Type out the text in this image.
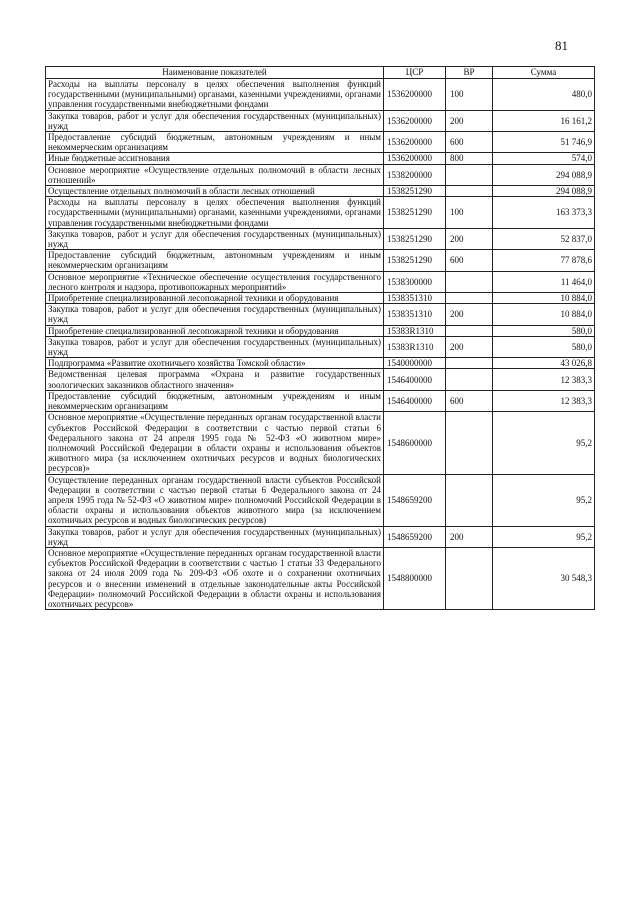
81
Наименование показателей	ЦСР	ВР	Сумма
Расходы на выплаты персоналу в целях обеспечения выполнения функций государственными (муниципальными) органами, казенными учреждениями, органами управления государственными внебюджетными фондами	1536200000	100	480,0
Закупка товаров, работ и услуг для обеспечения государственных (муниципальных) нужд	1536200000	200	16 161,2
Предоставление субсидий бюджетным, автономным учреждениям и иным некоммерческим организациям	1536200000	600	51 746,9
Иные бюджетные ассигнования	1536200000	800	574,0
Основное мероприятие «Осуществление отдельных полномочий в области лесных отношений»	1538200000		294 088,9
Осуществление отдельных полномочий в области лесных отношений	1538251290		294 088,9
Расходы на выплаты персоналу в целях обеспечения выполнения функций государственными (муниципальными) органами, казенными учреждениями, органами управления государственными внебюджетными фондами	1538251290	100	163 373,3
Закупка товаров, работ и услуг для обеспечения государственных (муниципальных) нужд	1538251290	200	52 837,0
Предоставление субсидий бюджетным, автономным учреждениям и иным некоммерческим организациям	1538251290	600	77 878,6
Основное мероприятие «Техническое обеспечение осуществления государственного лесного контроля и надзора, противопожарных мероприятий»	1538300000		11 464,0
Приобретение специализированной лесопожарной техники и оборудования	1538351310		10 884,0
Закупка товаров, работ и услуг для обеспечения государственных (муниципальных) нужд	1538351310	200	10 884,0
Приобретение специализированной лесопожарной техники и оборудования	15383R1310		580,0
Закупка товаров, работ и услуг для обеспечения государственных (муниципальных) нужд	15383R1310	200	580,0
Подпрограмма «Развитие охотничьего хозяйства Томской области»	1540000000		43 026,8
Ведомственная целевая программа «Охрана и развитие государственных зоологических заказников областного значения»	1546400000		12 383,3
Предоставление субсидий бюджетным, автономным учреждениям и иным некоммерческим организациям	1546400000	600	12 383,3
Основное мероприятие «Осуществление переданных органам государственной власти субъектов Российской Федерации в соответствии с частью первой статьи 6 Федерального закона от 24 апреля 1995 года № 52-ФЗ «О животном мире» полномочий Российской Федерации в области охраны и использования объектов животного мира (за исключением охотничьих ресурсов и водных биологических ресурсов)»	1548600000		95,2
Осуществление переданных органам государственной власти субъектов Российской Федерации в соответствии с частью первой статьи 6 Федерального закона от 24 апреля 1995 года № 52-ФЗ «О животном мире» полномочий Российской Федерации в области охраны и использования объектов животного мира (за исключением охотничьих ресурсов и водных биологических ресурсов)	1548659200		95,2
Закупка товаров, работ и услуг для обеспечения государственных (муниципальных) нужд	1548659200	200	95,2
Основное мероприятие «Осуществление переданных органам государственной власти субъектов Российской Федерации в соответствии с частью 1 статьи 33 Федерального закона от 24 июля 2009 года № 209-ФЗ «Об охоте и о сохранении охотничьих ресурсов и о внесении изменений в отдельные законодательные акты Российской Федерации» полномочий Российской Федерации в области охраны и использования охотничьих ресурсов»	1548800000		30 548,3
